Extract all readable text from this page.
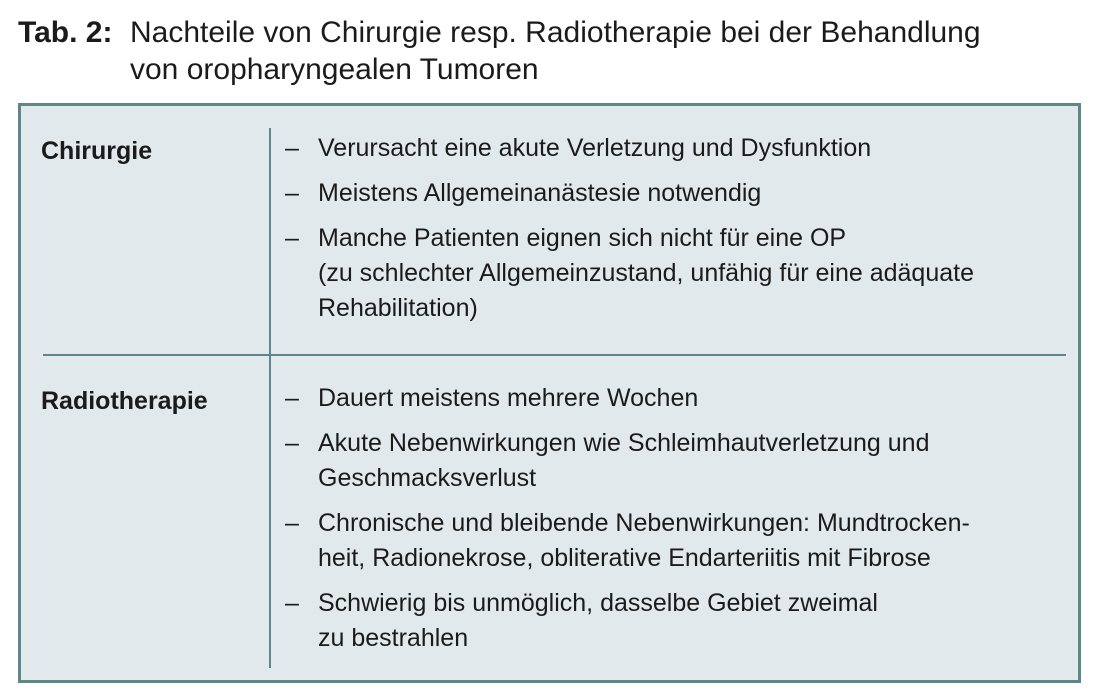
Tab. 2: Nachteile von Chirurgie resp. Radiotherapie bei der Behandlung
von oropharyngealen Tumoren
Chirurgie	– Verursacht eine akute Verletzung und Dysfunktion
– Meistens Allgemeinanästesie notwendig
– Manche Patienten eignen sich nicht für eine OP
(zu schlechter Allgemeinzustand, unfähig für eine adäquate
Rehabilitation)
Radiotherapie	– Dauert meistens mehrere Wochen
– Akute Nebenwirkungen wie Schleimhautverletzung und
Geschmacksverlust
– Chronische und bleibende Nebenwirkungen: Mundtrocken-
heit, Radionekrose, obliterative Endarteriitis mit Fibrose
– Schwierig bis unmöglich, dasselbe Gebiet zweimal
zu bestrahlen
